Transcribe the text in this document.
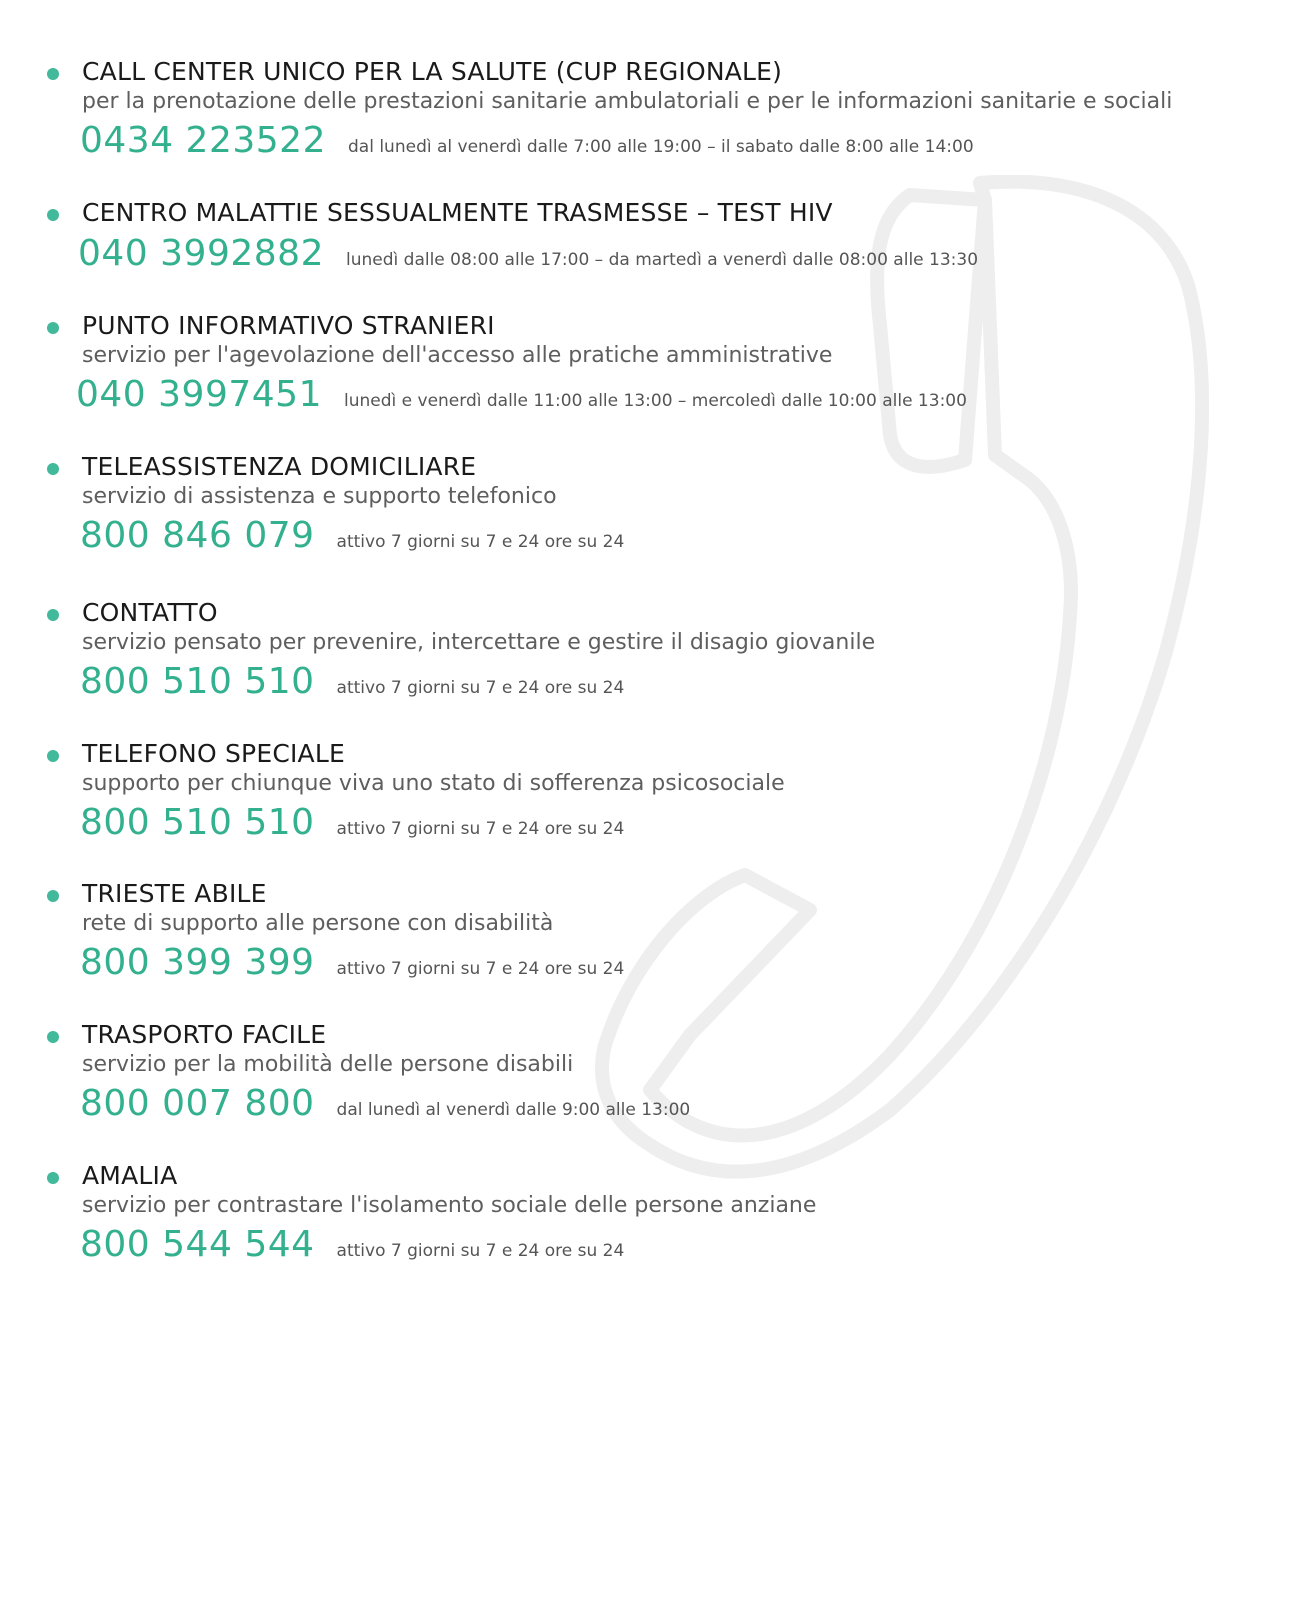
CALL CENTER UNICO PER LA SALUTE (CUP REGIONALE)
per la prenotazione delle prestazioni sanitarie ambulatoriali e per le informazioni sanitarie e sociali
0434 223522 dal lunedì al venerdì dalle 7:00 alle 19:00 – il sabato dalle 8:00 alle 14:00
CENTRO MALATTIE SESSUALMENTE TRASMESSE – TEST HIV
040 3992882 lunedì dalle 08:00 alle 17:00 – da martedì a venerdì dalle 08:00 alle 13:30
PUNTO INFORMATIVO STRANIERI
servizio per l'agevolazione dell'accesso alle pratiche amministrative
040 3997451 lunedì e venerdì dalle 11:00 alle 13:00 – mercoledì dalle 10:00 alle 13:00
TELEASSISTENZA DOMICILIARE
servizio di assistenza e supporto telefonico
800 846 079 attivo 7 giorni su 7 e 24 ore su 24
CONTATTO
servizio pensato per prevenire, intercettare e gestire il disagio giovanile
800 510 510 attivo 7 giorni su 7 e 24 ore su 24
TELEFONO SPECIALE
supporto per chiunque viva uno stato di sofferenza psicosociale
800 510 510 attivo 7 giorni su 7 e 24 ore su 24
TRIESTE ABILE
rete di supporto alle persone con disabilità
800 399 399 attivo 7 giorni su 7 e 24 ore su 24
TRASPORTO FACILE
servizio per la mobilità delle persone disabili
800 007 800 dal lunedì al venerdì dalle 9:00 alle 13:00
AMALIA
servizio per contrastare l'isolamento sociale delle persone anziane
800 544 544 attivo 7 giorni su 7 e 24 ore su 24
